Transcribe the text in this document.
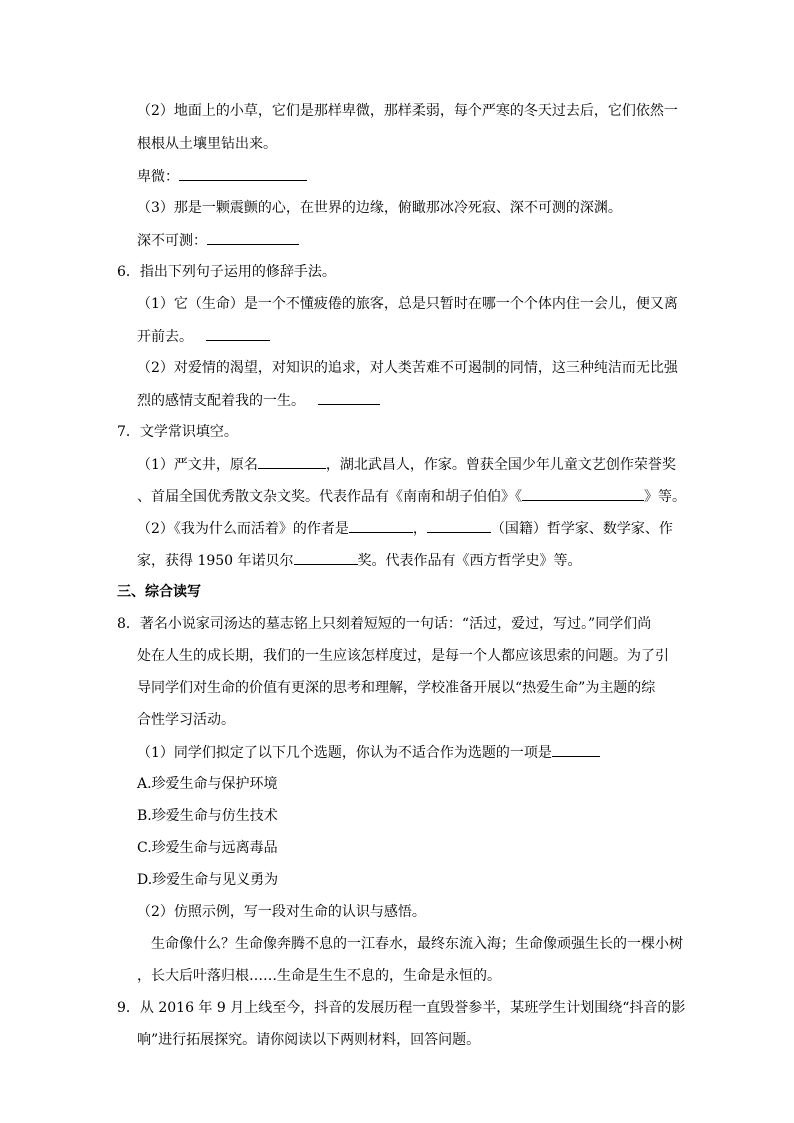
（2）地面上的小草，它们是那样卑微，那样柔弱，每个严寒的冬天过去后，它们依然一
根根从土壤里钻出来。
卑微：
（3）那是一颗震颤的心，在世界的边缘，俯瞰那冰冷死寂、深不可测的深渊。
深不可测：
6．指出下列句子运用的修辞手法。
（1）它（生命）是一个不懂疲倦的旅客，总是只暂时在哪一个个体内住一会儿，便又离
开前去。
（2）对爱情的渴望，对知识的追求，对人类苦难不可遏制的同情，这三种纯洁而无比强
烈的感情支配着我的一生。
7．文学常识填空。
（1）严文井，原名	，湖北武昌人，作家。曾获全国少年儿童文艺创作荣誉奖
、首届全国优秀散文杂文奖。代表作品有《南南和胡子伯伯》《	》等。
（2）《我为什么而活着》的作者是	，	（国籍）哲学家、数学家、作
家，获得 1950 年诺贝尔	奖。代表作品有《西方哲学史》等。
三、综合读写
8．著名小说家司汤达的墓志铭上只刻着短短的一句话：“活过，爱过，写过。”同学们尚
处在人生的成长期，我们的一生应该怎样度过，是每一个人都应该思索的问题。为了引
导同学们对生命的价值有更深的思考和理解，学校准备开展以“热爱生命”为主题的综
合性学习活动。
（1）同学们拟定了以下几个选题，你认为不适合作为选题的一项是
A.珍爱生命与保护环境
B.珍爱生命与仿生技术
C.珍爱生命与远离毒品
D.珍爱生命与见义勇为
（2）仿照示例，写一段对生命的认识与感悟。
生命像什么？生命像奔腾不息的一江春水，最终东流入海；生命像顽强生长的一棵小树
，长大后叶落归根……生命是生生不息的，生命是永恒的。
9．从 2016 年 9 月上线至今，抖音的发展历程一直毁誉参半，某班学生计划围绕“抖音的影
响”进行拓展探究。请你阅读以下两则材料，回答问题。
